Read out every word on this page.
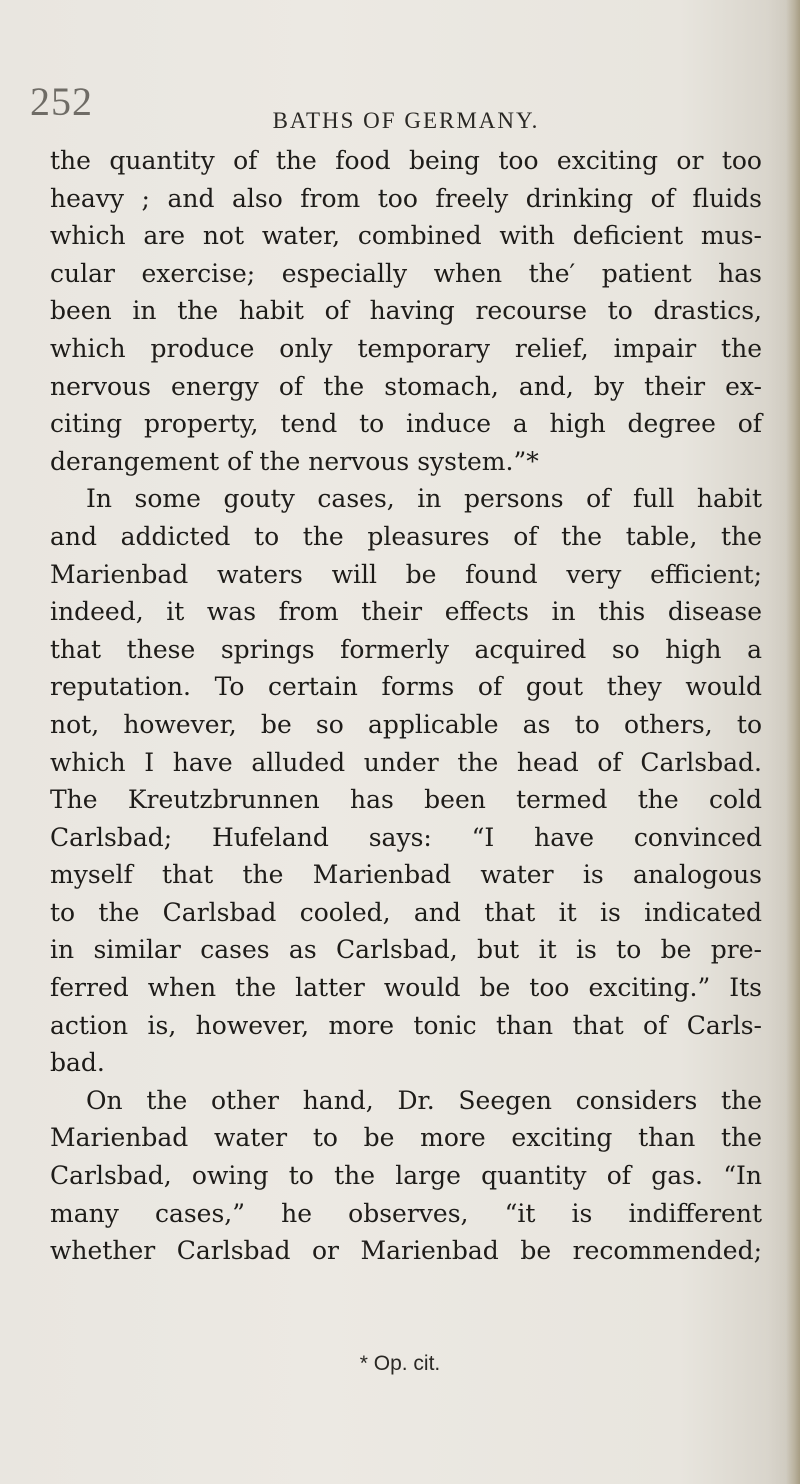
252	BATHS OF GERMANY.
the quantity of the food being too exciting or too
heavy ; and also from too freely drinking of fluids
which are not water, combined with deficient mus-
cular exercise; especially when the′ patient has
been in the habit of having recourse to drastics,
which produce only temporary relief, impair the
nervous energy of the stomach, and, by their ex-
citing property, tend to induce a high degree of
derangement of the nervous system.”*
In some gouty cases, in persons of full habit
and addicted to the pleasures of the table, the
Marienbad waters will be found very efficient;
indeed, it was from their effects in this disease
that these springs formerly acquired so high a
reputation. To certain forms of gout they would
not, however, be so applicable as to others, to
which I have alluded under the head of Carlsbad.
The Kreutzbrunnen has been termed the cold
Carlsbad; Hufeland says: “I have convinced
myself that the Marienbad water is analogous
to the Carlsbad cooled, and that it is indicated
in similar cases as Carlsbad, but it is to be pre-
ferred when the latter would be too exciting.” Its
action is, however, more tonic than that of Carls-
bad.
On the other hand, Dr. Seegen considers the
Marienbad water to be more exciting than the
Carlsbad, owing to the large quantity of gas. “In
many cases,” he observes, “it is indifferent
whether Carlsbad or Marienbad be recommended;
* Op. cit.
